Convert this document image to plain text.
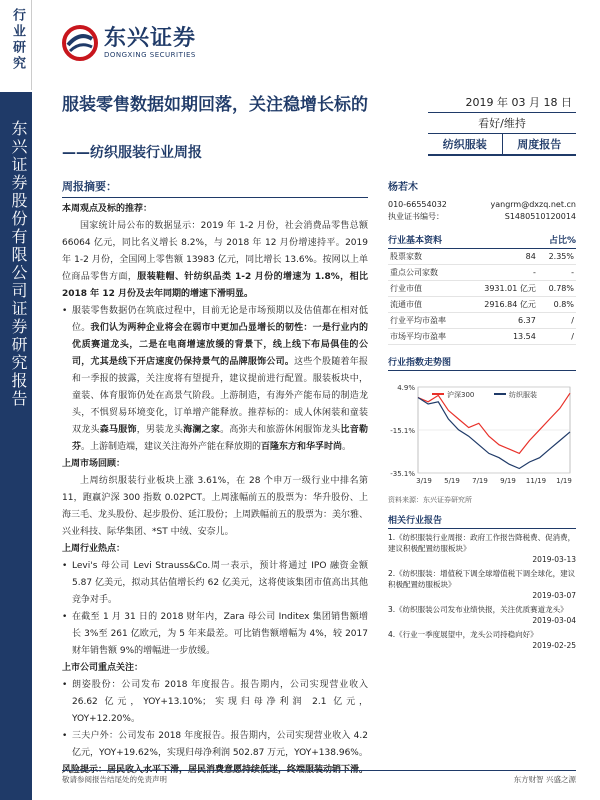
行业研究
东兴证券股份有限公司证券研究报告
东兴证券
DONGXING SECURITIES
服装零售数据如期回落，关注稳增长标的
——纺织服装行业周报
2019 年 03 月 18 日
看好/维持
纺织服装	周度报告
周报摘要：
本周观点及标的推荐：
国家统计局公布的数据显示：2019 年 1-2 月份，社会消费品零售总额 66064 亿元，同比名义增长 8.2%，与 2018 年 12 月份增速持平。2019 年 1-2 月份，全国网上零售额 13983 亿元，同比增长 13.6%。按网以上单位商品零售方面，服装鞋帽、针纺织品类 1-2 月份的增速为 1.8%，相比 2018 年 12 月份及去年同期的增速下滑明显。
• 服装零售数据仍在筑底过程中，目前无论是市场预期以及估值都在相对低位。我们认为两种企业将会在弱市中更加凸显增长的韧性：一是行业内的优质赛道龙头，二是在电商增速放缓的背景下，线上线下布局俱佳的公司，尤其是线下开店速度仍保持景气的品牌服饰公司。这些个股随着年报和一季报的披露，关注度将有望提升，建议提前进行配置。服装板块中，童装、体育服饰仍处在高景气阶段。上游制造，有海外产能布局的制造龙头，不惧贸易环境变化，订单增产能释放。推荐标的：成人休闲装和童装双龙头森马服饰，男装龙头海澜之家。高弥夫和旅游休闲服饰龙头比音勒芬。上游制造端，建议关注海外产能在释放期的百隆东方和华孚时尚。
上周市场回顾：
上周纺织服装行业板块上涨 3.61%，在 28 个申万一级行业中排名第 11，跑赢沪深 300 指数 0.02PCT。上周涨幅前五的股票为：华升股份、上海三毛、龙头股份、起步股份、延江股份；上周跌幅前五的股票为：美尔雅、兴业科技、际华集团、*ST 中绒、安奈儿。
上周行业热点：
• Levi's 母公司 Levi Strauss&Co.周一表示，预计将通过 IPO 融资金额 5.87 亿美元，拟动其估值增长约 62 亿美元，这将使该集团市值高出其他竞争对手。
• 在截至 1 月 31 日的 2018 财年内，Zara 母公司 Inditex 集团销售额增长 3%至 261 亿欧元，为 5 年来最差。可比销售额增幅为 4%，较 2017 财年销售额 9%的增幅进一步放缓。
上市公司重点关注：
• 朗姿股份：公司发布 2018 年度报告。报告期内，公司实现营业收入 26.62 亿元，YOY+13.10%；实现归母净利润 2.1 亿元，YOY+12.20%。
• 三夫户外：公司发布 2018 年度报告。报告期内，公司实现营业收入 4.2 亿元，YOY+19.62%，实现归母净利润 502.87 万元，YOY+138.96%。
风险提示：居民收入水平下滑，居民消费意愿持续低迷，终端服装动销下滑。
杨若木
010-66554032	yangrm@dxzq.net.cn
执业证书编号：	S1480510120014
行业基本资料	占比%
股票家数	84	2.35%
重点公司家数	-	-
行业市值	3931.01 亿元	0.78%
流通市值	2916.84 亿元	0.8%
行业平均市盈率	6.37	/
市场平均市盈率	13.54	/
行业指数走势图
4.9%
-15.1%
-35.1%
3/19 5/19 7/19 9/19 11/19 1/19
沪深300	纺织服装
资料来源：东兴证券研究所
相关行业报告
1.《纺织服装行业周报：政府工作报告降税费、促消费，建议积极配置纺服板块》
2019-03-13
2.《纺织服装：增值税下调全球增值税下调全球化，建议积极配置纺服板块》
2019-03-07
3.《纺织服装公司发布业绩快报，关注优质赛道龙头》
2019-03-04
4.《行业一季度展望中，龙头公司持稳向好》
2019-02-25
敬请参阅报告结尾处的免责声明	东方财智 兴盛之源
